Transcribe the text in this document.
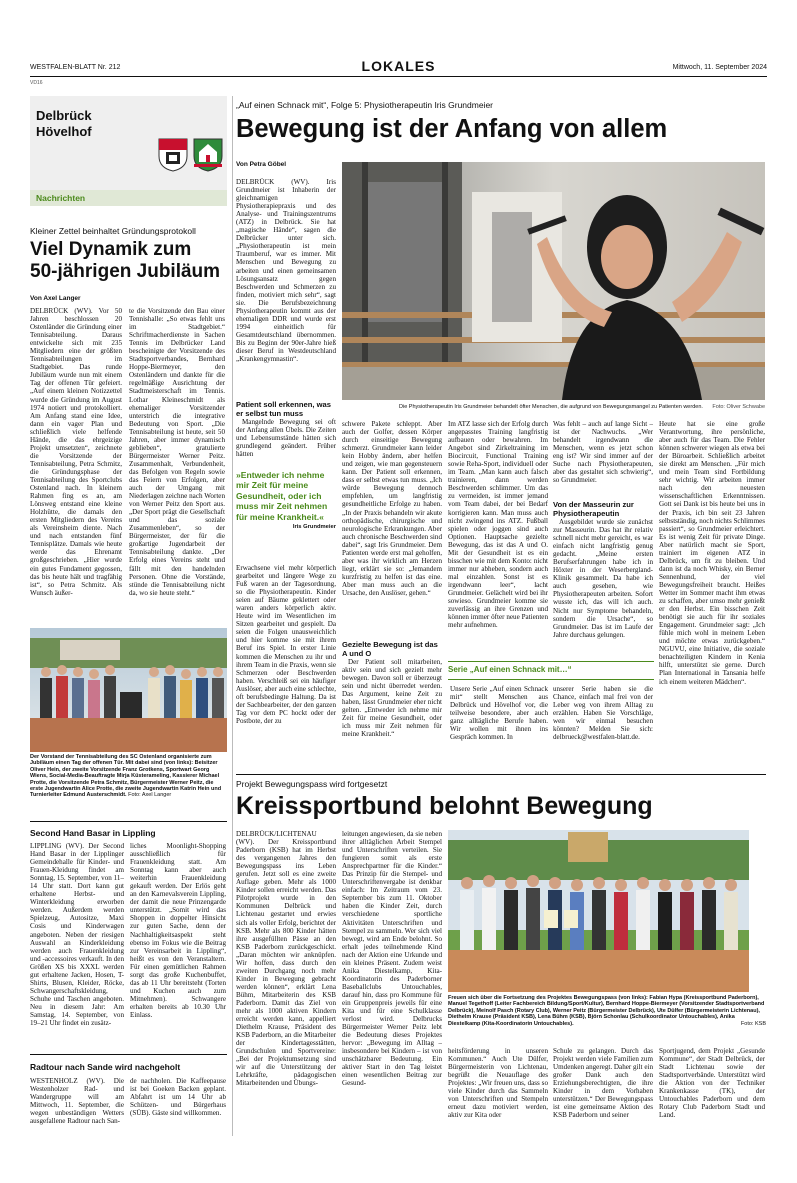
WESTFALEN-BLATT Nr. 212	LOKALES	Mittwoch, 11. September 2024
VD16
Delbrück
Hövelhof
Nachrichten
Kleiner Zettel beinhaltet Gründungsprotokoll
Viel Dynamik zum
50-jährigen Jubiläum
Von Axel Langer
DELBRÜCK (WV). Vor 50 Jahren beschlossen 20 Ostenländer die Gründung einer Tennisabteilung. Daraus entwickelte sich mit 235 Mitgliedern eine der größten Tennisabteilungen im Stadtgebiet. Das runde Jubiläum wurde nun mit einem Tag der offenen Tür gefeiert. „Auf einem kleinen Notizzettel wurde die Gründung im August 1974 notiert und protokolliert. Am Anfang stand eine Idee, dann ein vager Plan und schließlich viele helfende Hände, die das ehrgeizige Projekt umsetzten“, zeichnete die Vorsitzende der Tennisabteilung, Petra Schmitz, die Gründungsphase der Tennisabteilung des Sportclubs Ostenland nach. In kleinem Rahmen fing es an, am Lönsweg entstand eine kleine Holzhütte, die damals den ersten Mitgliedern des Vereins als Vereinsheim diente. Nach und nach entstanden fünf Tennisplätze. Damals wie heute werde das Ehrenamt großgeschrieben. „Hier wurde ein gutes Fundament gegossen, das bis heute hält und tragfähig ist“, so Petra Schmitz. Als Wunsch äußer-
te die Vorsitzende den Bau einer Tennishalle: „So etwas fehlt uns im Stadtgebiet.“ Schriftmacherdienste in Sachen Tennis im Delbrücker Land bescheinigte der Vorsitzende des Stadtsportverbandes, Bernhard Hoppe-Biermeyer, den Ostenländern und dankte für die regelmäßige Ausrichtung der Stadtmeisterschaft im Tennis. Lothar Kleineschmidt als ehemaliger Vorsitzender unterstrich die integrative Bedeutung von Sport. „Die Tennisabteilung ist heute, seit 50 Jahren, aber immer dynamisch geblieben“, gratulierte Bürgermeister Werner Peitz. Zusammenhalt, Verbundenheit, das Befolgen von Regeln sowie das Feiern von Erfolgen, aber auch der Umgang mit Niederlagen zeichne nach Worten von Werner Peitz den Sport aus. „Der Sport prägt die Gesellschaft und das soziale Zusammenleben“, so der Bürgermeister, der für die großartige Jugendarbeit der Tennisabteilung dankte. „Der Erfolg eines Vereins steht und fällt mit den handelnden Personen. Ohne die Vorstände, stünde die Tennisabteilung nicht da, wo sie heute steht.“
Der Vorstand der Tennisabteilung des SC Ostenland organisierte zum Jubiläum einen Tag der offenen Tür. Mit dabei sind (von links): Beisitzer Oliver Hein, der zweite Vorsitzende Franz Grotkens, Sportwart Georg Wiens, Social-Media-Beauftragte Mirja Küsterameling, Kassierer Michael Protte, die Vorsitzende Petra Schmitz, Bürgermeister Werner Peitz, die erste Jugendwartin Alice Protte, die zweite Jugendwartin Katrin Hein und Turnierleiter Edmund Austerschmidt. Foto: Axel Langer
Second Hand Basar in Lippling
LIPPLING (WV). Der Second Hand Basar in der Lipplinger Gemeindehalle für Kinder- und Frauen-Kleidung findet am Sonntag, 15. September, von 11–14 Uhr statt. Dort kann gut erhaltene Herbst- und Winterkleidung erworben werden. Außerdem werden Spielzeug, Autositze, Maxi Cosis und Kinderwagen angeboten. Neben der riesigen Auswahl an Kinderkleidung werden auch Frauenkleidung und -accessoires verkauft. In den Größen XS bis XXXL werden gut erhaltene Jacken, Hosen, T-Shirts, Blusen, Kleider, Röcke, Schwangerschaftskleidung, Schuhe und Taschen angeboten. Neu in diesem Jahr: Am Samstag, 14. September, von 19–21 Uhr findet ein zusätz-
liches Moonlight-Shopping ausschließlich für Frauenkleidung statt. Am Sonntag kann aber auch weiterhin Frauenkleidung gekauft werden. Der Erlös geht an den Karnevalsverein Lippling, der damit die neue Prinzengarde unterstützt. „Somit wird das Shoppen in doppelter Hinsicht zur guten Sache, denn der Nachhaltigkeitsaspekt steht ebenso im Fokus wie die Beitrag zur Vereinsarbeit in Lippling“, heißt es von den Veranstaltern. Für einen gemütlichen Rahmen sorgt das große Kuchenbuffet, das ab 11 Uhr bereitsteht (Torten und Kuchen auch zum Mitnehmen). Schwangere erhalten bereits ab 10.30 Uhr Einlass.
Radtour nach Sande wird nachgeholt
WESTENHOLZ (WV). Die Westenholzer Rad- und Wandergruppe will am Mittwoch, 11. September, die wegen unbeständigen Wetters ausgefallene Radtour nach San-
de nachholen. Die Kaffeepause ist bei Goeken Backen geplant. Abfahrt ist um 14 Uhr ab Schützen- und Bürgerhaus (SÜB). Gäste sind willkommen.
„Auf einen Schnack mit“, Folge 5: Physiotherapeutin Iris Grundmeier
Bewegung ist der Anfang von allem
Von Petra Göbel
Die Physiotherapeutin Iris Grundmeier behandelt öfter Menschen, die aufgrund von Bewegungsmangel zu Patienten werden. Foto: Oliver Schwabe

DELBRÜCK (WV). Iris Grundmeier ist Inhaberin der gleichnamigen Physiotherapiepraxis und des Analyse- und Trainingszentrums (ATZ) in Delbrück. Sie hat „magische Hände“, sagen die Delbrücker unter sich. „Physiotherapeutin ist mein Traumberuf, war es immer. Mit Menschen und Bewegung zu arbeiten und einen gemeinsamen Lösungsansatz gegen Beschwerden und Schmerzen zu finden, motiviert mich sehr“, sagt sie. Die Berufsbezeichnung Physiotherapeutin kommt aus der ehemaligen DDR und wurde erst 1994 einheitlich für Gesamtdeutschland übernommen. Bis zu Beginn der 90er-Jahre hieß dieser Beruf in Westdeutschland „Krankengymnastin“.

Patient soll erkennen, was er selbst tun muss

Mangelnde Bewegung sei oft der Anfang allen Übels. Die Zeiten und Lebensumstände hätten sich grundlegend geändert. Früher hätten

»Entweder ich nehme mir Zeit für meine Gesundheit, oder ich muss mir Zeit nehmen für meine Krankheit.«
Iris Grundmeier

Erwachsene viel mehr körperlich gearbeitet und längere Wege zu Fuß waren an der Tagesordnung, so die Physiotherapeutin. Kinder seien auf Bäume geklettert oder waren anders körperlich aktiv. Heute wird im Wesentlichen im Sitzen gearbeitet und gespielt. Da seien die Folgen unausweichlich und hier komme sie mit ihrem Beruf ins Spiel. In erster Linie kommen die Menschen zu ihr und ihrem Team in die Praxis, wenn sie Schmerzen oder Beschwerden haben. Verschleiß sei ein häufiger Auslöser, aber auch eine schlechte, oft berufsbedingte Haltung. Da ist der Sachbearbeiter, der den ganzen Tag vor dem PC hockt oder der Postbote, der zu

schwere Pakete schleppt. Aber auch der Golfer, dessen Körper durch einseitige Bewegung schmerzt. Grundmeier kann leider kein Hobby ändern, aber helfen und zeigen, wie man gegensteuern kann. Der Patient soll erkennen, dass er selbst etwas tun muss. „Ich würde Bewegung dennoch empfehlen, um langfristig gesundheitliche Erfolge zu haben. „In der Praxis behandeln wir akute orthopädische, chirurgische und neurologische Erkrankungen. Aber auch chronische Beschwerden sind dabei“, sagt Iris Grundmeier. Dem Patienten werde erst mal geholfen, aber was ihr wirklich am Herzen liegt, erklärt sie so: „Jemandem kurzfristig zu helfen ist das eine. Aber man muss auch an die Ursache, den Auslöser, gehen.“

Gezielte Bewegung ist das A und O

Der Patient soll mitarbeiten, aktiv sein und sich gezielt mehr bewegen. Davon soll er überzeugt sein und nicht überredet werden. Das Argument, keine Zeit zu haben, lässt Grundmeier eher nicht gelten. „Entweder ich nehme mir Zeit für meine Gesundheit, oder ich muss mir Zeit nehmen für meine Krankheit.“

Im ATZ lasse sich der Erfolg durch angepasstes Training langfristig aufbauen oder bewahren. Im Angebot sind Zirkeltraining im Biocircuit, Functional Training sowie Reha-Sport, individuell oder im Team. „Man kann auch falsch trainieren, dann werden Beschwerden schlimmer. Um das zu vermeiden, ist immer jemand vom Team dabei, der bei Bedarf korrigieren kann. Man muss auch nicht zwingend ins ATZ. Fußball spielen oder joggen sind auch Optionen. Hauptsache gezielte Bewegung, das ist das A und O. Mit der Gesundheit ist es ein bisschen wie mit dem Konto: nicht immer nur abheben, sondern auch mal einzahlen. Sonst ist es irgendwann leer“, lacht Grundmeier. Gelächelt wird bei ihr sowieso. Grundmeier komme sie zuverlässig an ihre Grenzen und können immer öfter neue Patienten mehr aufnehmen.

Was fehlt – auch auf lange Sicht – ist der Nachwuchs. „Wer behandelt irgendwann die Menschen, wenn es jetzt schon eng ist? Wir sind immer auf der Suche nach Physiotherapeuten, aber das gestaltet sich schwierig“, so Grundmeier.

Von der Masseurin zur Physiotherapeutin

Ausgebildet wurde sie zunächst zur Masseurin. Das hat ihr relativ schnell nicht mehr gereicht, es war einfach nicht langfristig genug gedacht. „Meine ersten Berufserfahrungen habe ich in Höxter in der Weserbergland-Klinik gesammelt. Da habe ich auch gesehen, wie Physiotherapeuten arbeiten. Sofort wusste ich, das will ich auch. Nicht nur Symptome behandeln, sondern die Ursache“, so Grundmeier. Das ist im Laufe der Jahre durchaus gelungen.

Heute hat sie eine große Verantwortung, ihre persönliche, aber auch für das Team. Die Fehler können schwerer wiegen als etwa bei der Büroarbeit. Schließlich arbeitet sie direkt am Menschen. „Für mich und mein Team sind Fortbildung sehr wichtig. Wir arbeiten immer nach den neuesten wissenschaftlichen Erkenntnissen. Gott sei Dank ist bis heute bei uns in der Praxis, ich bin seit 23 Jahren selbstständig, noch nichts Schlimmes passiert“, so Grundmeier erleichtert. Es ist wenig Zeit für private Dinge. Aber natürlich macht sie Sport, trainiert im eigenen ATZ in Delbrück, um fit zu bleiben. Und dann ist da noch Whisky, ein Berner Sennenhund, der viel Bewegungsfreiheit braucht. Heißes Wetter im Sommer macht ihm etwas zu schaffen, aber umso mehr genießt er den Herbst. Ein bisschen Zeit benötigt sie auch für ihr soziales Engagement. Grundmeier sagt: „Ich fühle mich wohl in meinem Leben und möchte etwas zurückgeben.“ NGUVU, eine Initiative, die soziale benachteiligten Kindern in Kenia hilft, unterstützt sie gerne. Durch Plan International in Tansania helfe ich einem weiteren Mädchen“.

Serie „Auf einen Schnack mit…“
Unsere Serie „Auf einen Schnack mit“ stellt Menschen aus Delbrück und Hövelhof vor, die teilweise besondere, aber auch ganz alltägliche Berufe haben. Wir wollen mit ihnen ins Gespräch kommen. In
unserer Serie haben sie die Chance, einfach mal frei von der Leber weg von ihrem Alltag zu erzählen. Haben Sie Vorschläge, wen wir einmal besuchen könnten? Melden Sie sich: delbrueck@westfalen-blatt.de.
Projekt Bewegungspass wird fortgesetzt
Kreissportbund belohnt Bewegung

DELBRÜCK/LICHTENAU (WV). Der Kreissportbund Paderborn (KSB) hat im Herbst des vergangenen Jahres den Bewegungspass ins Leben gerufen. Jetzt soll es eine zweite Auflage geben. Mehr als 1000 Kinder sollen erreicht werden. Das Pilotprojekt wurde in den Kommunen Delbrück und Lichtenau gestartet und erwies sich als voller Erfolg, berichtet der KSB. Mehr als 800 Kinder hätten ihre ausgefüllten Pässe an den KSB Paderborn zurückgeschickt. „Daran möchten wir anknüpfen. Wir hoffen, dass durch den zweiten Durchgang noch mehr Kinder in Bewegung gebracht werden können“, erklärt Lena Bühm, Mitarbeiterin des KSB Paderborn. Damit das Ziel von mehr als 1000 aktiven Kindern erreicht werden kann, appelliert Diethelm Krause, Präsident des KSB Paderborn, an die Mitarbeiter der Kindertagesstätten, Grundschulen und Sportvereine: „Bei der Projektumsetzung sind wir auf die Unterstützung der Lehrkräfte, pädagogischen Mitarbeitenden und Übungs-

leitungen angewiesen, da sie neben ihrer alltäglichen Arbeit Stempel und Unterschriften verteilen. Sie fungieren somit als erste Ansprechpartner für die Kinder.“ Das Prinzip für die Stempel- und Unterschriftenvergabe ist denkbar einfach: Im Zeitraum vom 23. September bis zum 11. Oktober haben die Kinder Zeit, durch verschiedene sportliche Aktivitäten Unterschriften und Stempel zu sammeln. Wer sich viel bewegt, wird am Ende belohnt. So erhalt jedes teilnehmende Kind nach der Aktion eine Urkunde und ein kleines Präsent. Zudem weist Anika Diestelkamp, Kita-Koordinatorin des Paderborner Baseballclubs Untouchables, darauf hin, dass pro Kommune für ein Gruppenpreis jeweils für eine Kita und für eine Schulklasse verlost wird. Delbrucks Bürgermeister Werner Peitz lebt die Bedeutung dieses Projektes hervor: „Bewegung im Alltag – insbesondere bei Kindern – ist von unschätzbarer Bedeutung. Ein aktiver Start in den Tag leistet einen wesentlichen Beitrag zur Gesund-

Freuen sich über die Fortsetzung des Projektes Bewegungspass (von links): Fabian Hypa (Kreissportbund Paderborn), Manuel Tegethoff (Leiter Fachbereich Bildung/Sport/Kultur), Bernhard Hoppe-Biermeyer (Vorsitzender Stadtsportverband Delbrück), Meinolf Pasch (Rotary Club), Werner Peitz (Bürgermeister Delbrück), Ute Dülfer (Bürgermeisterin Lichtenau), Diethelm Krause (Präsident KSB), Lena Bühm (KSB), Björn Schonlau (Schulkoordinator Untouchables), Anika Diestelkamp (Kita-Koordinatorin Untouchables).	Foto: KSB

heitsförderung in unseren Kommunen.“ Auch Ute Dülfer, Bürgermeisterin von Lichtenau, begrüßt die Neuauflage des Projektes: „Wir freuen uns, dass so viele Kinder durch das Sammeln von Unterschriften und Stempeln erneut dazu motiviert werden, aktiv zur Kita oder

Schule zu gelangen. Durch das Projekt werden viele Familien zum Umdenken angeregt. Daher gilt ein großer Dank auch den Erziehungsberechtigten, die ihre Kinder in dem Vorhaben unterstützen.“ Der Bewegungspass ist eine gemeinsame Aktion des KSB Paderborn und seiner

Sportjugend, dem Projekt „Gesunde Kommune“, der Stadt Delbrück, der Stadt Lichtenau sowie der Stadtsportverbände. Unterstützt wird die Aktion von der Techniker Krankenkasse (TK), der Untouchables Paderborn und dem Rotary Club Paderborn Stadt und Land.
